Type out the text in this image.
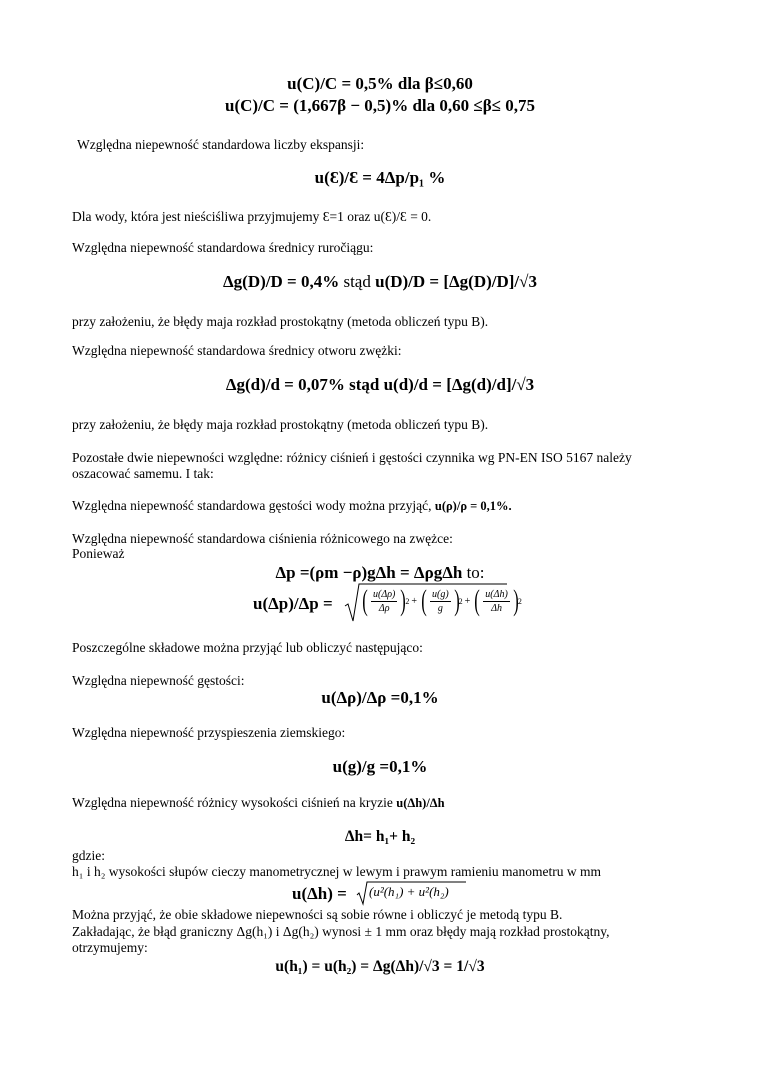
u(C)/C = 0,5% dla β≤0,60
u(C)/C = (1,667β − 0,5)% dla 0,60 ≤β≤ 0,75
Względna niepewność standardowa liczby ekspansji:
u(Ɛ)/Ɛ = 4Δp/p₁ %
Dla wody, która jest nieściśliwa przyjmujemy Ɛ=1 oraz u(Ɛ)/Ɛ = 0.
Względna niepewność standardowa średnicy ruročiągu:
Δg(D)/D = 0,4% stąd u(D)/D = [Δg(D)/D]/√3
przy założeniu, że błędy maja rozkład prostokątny (metoda obliczeń typu B).
Względna niepewność standardowa średnicy otworu zwężki:
Δg(d)/d = 0,07% stąd u(d)/d = [Δg(d)/d]/√3
przy założeniu, że błędy maja rozkład prostokątny (metoda obliczeń typu B).
Pozostałe dwie niepewności względne: różnicy ciśnień i gęstości czynnika wg PN-EN ISO 5167 należy
oszacować samemu. I tak:
Względna niepewność standardowa gęstości wody można przyjąć, u(ρ)/ρ = 0,1%.
Względna niepewność standardowa ciśnienia różnicowego na zwężce:
Ponieważ
Δp =(ρm −ρ)gΔh = ΔρgΔh to:
u(Δp)/Δp = ( $\frac{u(\Delta\rho)}{\Delta\rho}$ ) 2 + ( $\frac{u(g)}{g}$ ) 2 + ( $\frac{u(\Delta h)}{\Delta h}$ ) 2
Poszczególne składowe można przyjąć lub obliczyć następująco:
Względna niepewność gęstości:
u(Δρ)/Δρ =0,1%
Względna niepewność przyspieszenia ziemskiego:
u(g)/g =0,1%
Względna niepewność różnicy wysokości ciśnień na kryzie u(Δh)/Δh
Δh= h₁+ h₂
gdzie:
h₁ i h₂ wysokości słupów cieczy manometrycznej w lewym i prawym ramieniu manometru w mm
u(Δh) = (u²(h₁) + u²(h₂)
Można przyjąć, że obie składowe niepewności są sobie równe i obliczyć je metodą typu B.
Zakładając, że błąd graniczny Δg(h₁) i Δg(h₂) wynosi ± 1 mm oraz błędy mają rozkład prostokątny,
otrzymujemy:
u(h₁) = u(h₂) = Δg(Δh)/√3 = 1/√3
